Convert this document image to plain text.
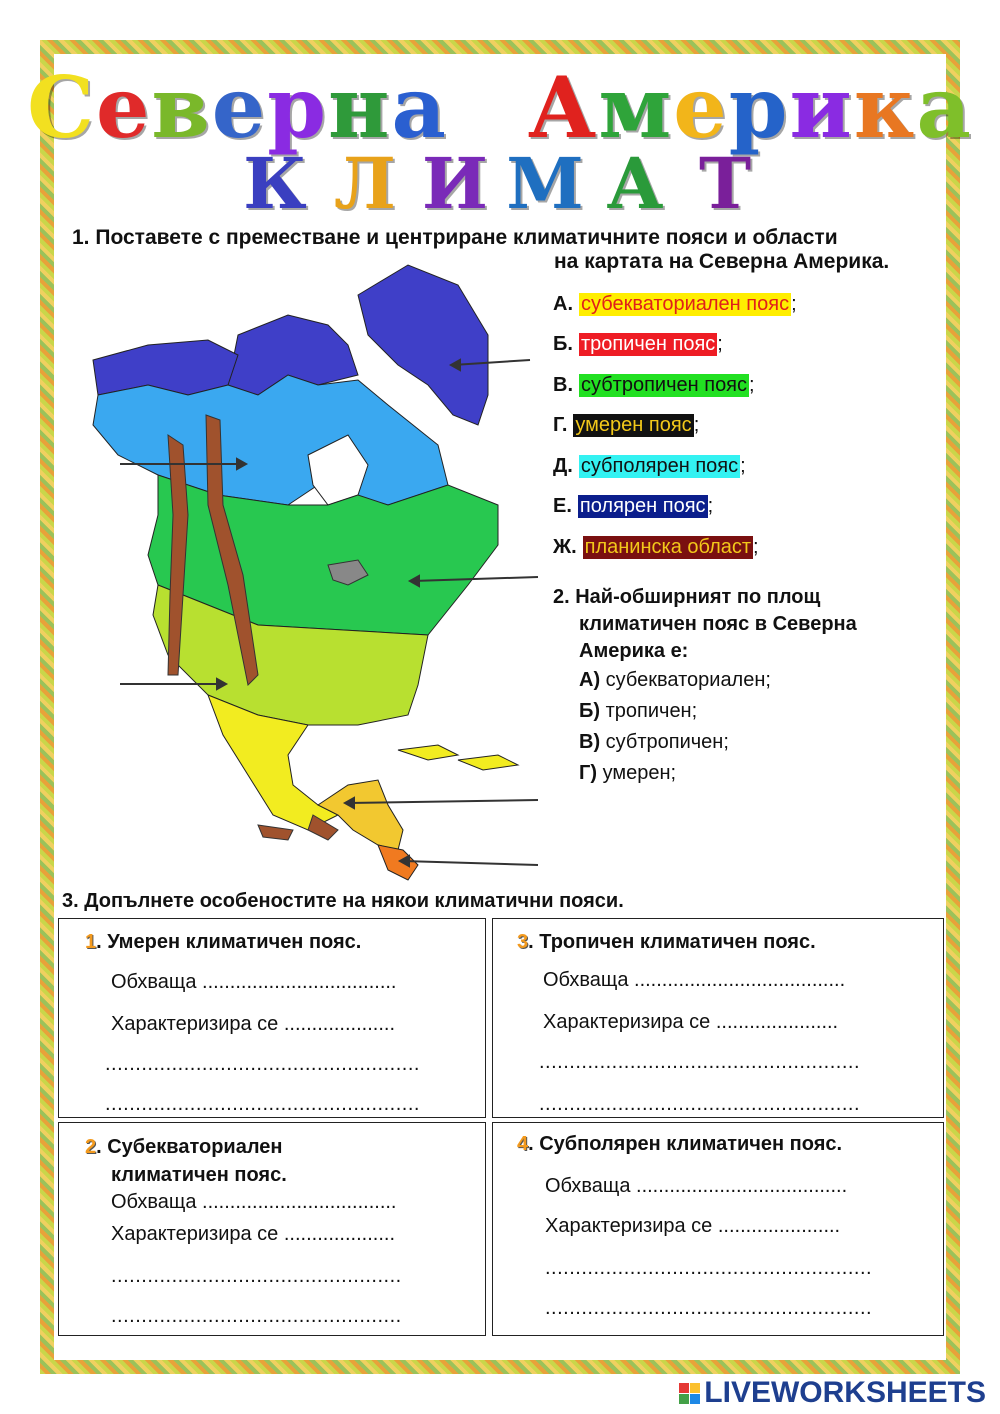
Северна Америка
К Л И М А Т
1. Поставете с преместване и центриране климатичните пояси и области
на картата на Северна Америка.
А. субекваториален пояс ;
Б. тропичен пояс ;
В. субтропичен пояс ;
Г. умерен пояс ;
Д. субполярен пояс ;
Е. полярен пояс ;
Ж. планинска област ;
2. Най-обширният по площ
климатичен пояс в Северна
Америка е:
А) субекваториален;
Б) тропичен;
В) субтропичен;
Г) умерен;
3. Допълнете особеностите на някои климатични пояси.
1. Умерен климатичен пояс.
Обхваща ...................................
Характеризира се ....................
....................................................
....................................................
2. Субекваториален
климатичен пояс.
Обхваща ...................................
Характеризира се ....................
................................................
................................................
3. Тропичен климатичен пояс.
Обхваща ......................................
Характеризира се ......................
.....................................................
.....................................................
4. Субполярен климатичен пояс.
Обхваща ......................................
Характеризира се ......................
......................................................
......................................................
LIVEWORKSHEETS
